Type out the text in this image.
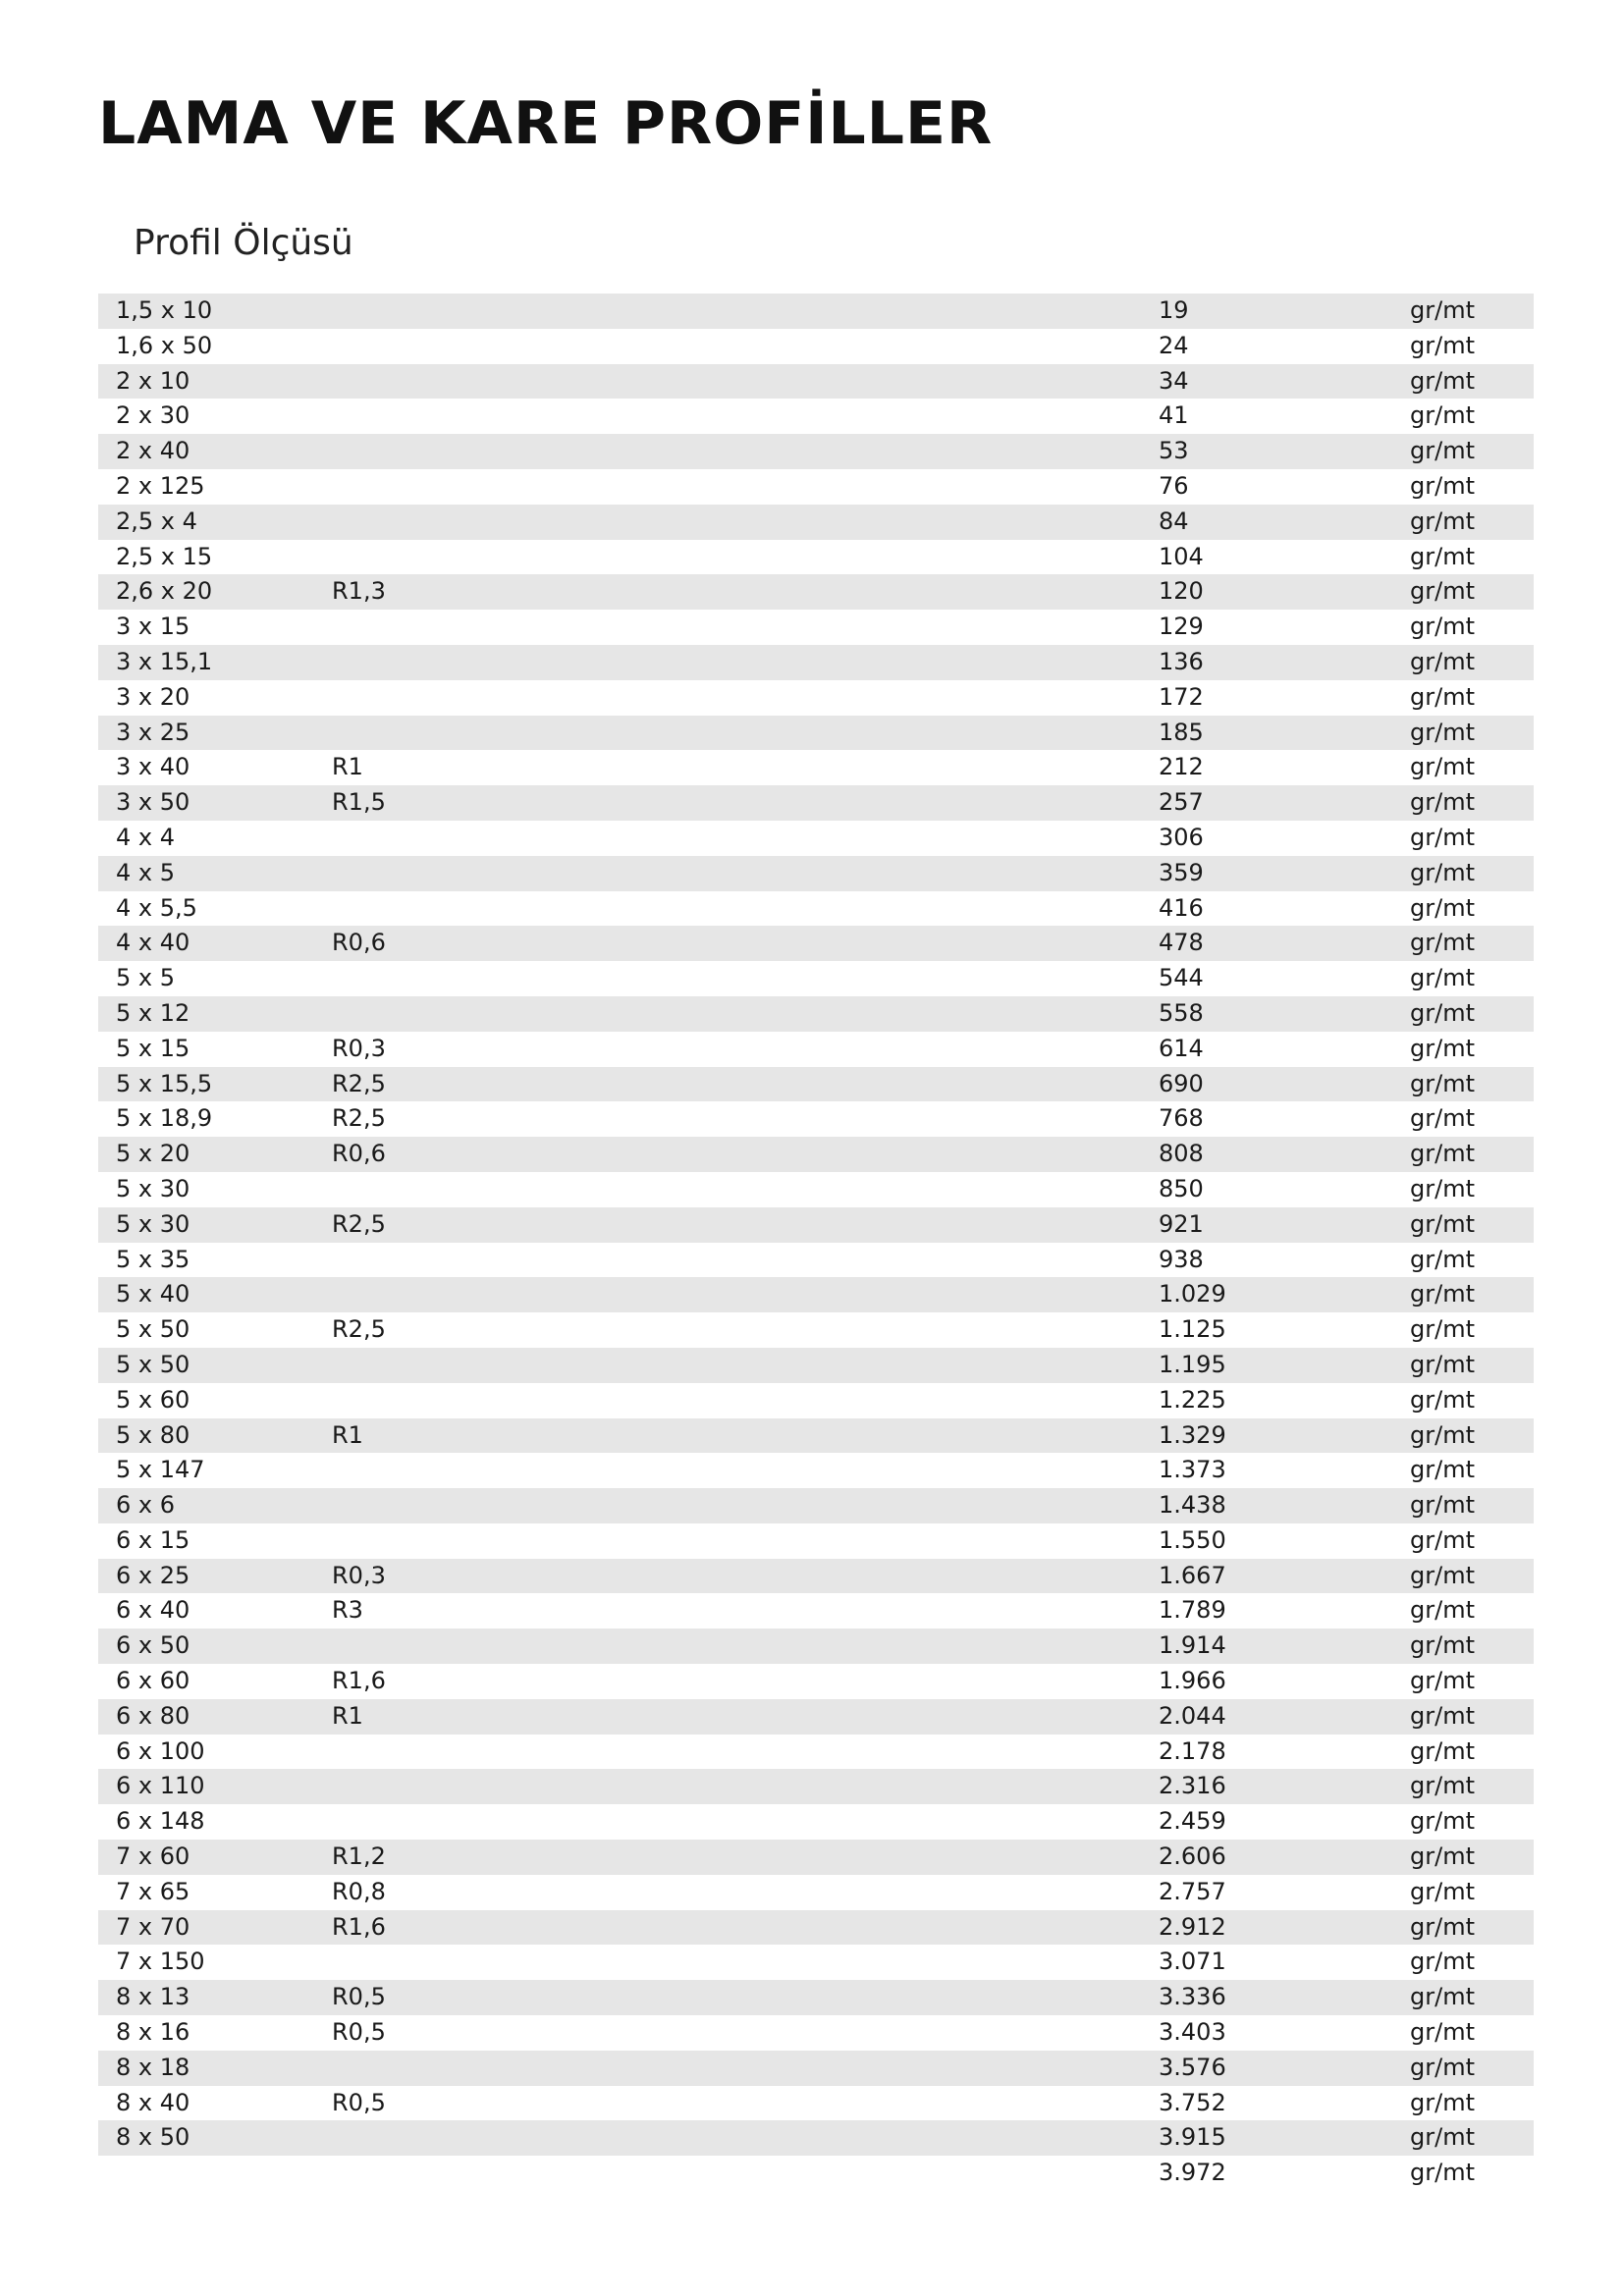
LAMA VE KARE PROFİLLER
Profil Ölçüsü
1,5 x 10	19	gr/mt
1,6 x 50	24	gr/mt
2 x 10	34	gr/mt
2 x 30	41	gr/mt
2 x 40	53	gr/mt
2 x 125	76	gr/mt
2,5 x 4	84	gr/mt
2,5 x 15	104	gr/mt
2,6 x 20	R1,3	120	gr/mt
3 x 15	129	gr/mt
3 x 15,1	136	gr/mt
3 x 20	172	gr/mt
3 x 25	185	gr/mt
3 x 40	R1	212	gr/mt
3 x 50	R1,5	257	gr/mt
4 x 4	306	gr/mt
4 x 5	359	gr/mt
4 x 5,5	416	gr/mt
4 x 40	R0,6	478	gr/mt
5 x 5	544	gr/mt
5 x 12	558	gr/mt
5 x 15	R0,3	614	gr/mt
5 x 15,5	R2,5	690	gr/mt
5 x 18,9	R2,5	768	gr/mt
5 x 20	R0,6	808	gr/mt
5 x 30	850	gr/mt
5 x 30	R2,5	921	gr/mt
5 x 35	938	gr/mt
5 x 40	1.029	gr/mt
5 x 50	R2,5	1.125	gr/mt
5 x 50	1.195	gr/mt
5 x 60	1.225	gr/mt
5 x 80	R1	1.329	gr/mt
5 x 147	1.373	gr/mt
6 x 6	1.438	gr/mt
6 x 15	1.550	gr/mt
6 x 25	R0,3	1.667	gr/mt
6 x 40	R3	1.789	gr/mt
6 x 50	1.914	gr/mt
6 x 60	R1,6	1.966	gr/mt
6 x 80	R1	2.044	gr/mt
6 x 100	2.178	gr/mt
6 x 110	2.316	gr/mt
6 x 148	2.459	gr/mt
7 x 60	R1,2	2.606	gr/mt
7 x 65	R0,8	2.757	gr/mt
7 x 70	R1,6	2.912	gr/mt
7 x 150	3.071	gr/mt
8 x 13	R0,5	3.336	gr/mt
8 x 16	R0,5	3.403	gr/mt
8 x 18	3.576	gr/mt
8 x 40	R0,5	3.752	gr/mt
8 x 50	3.915	gr/mt
3.972	gr/mt
